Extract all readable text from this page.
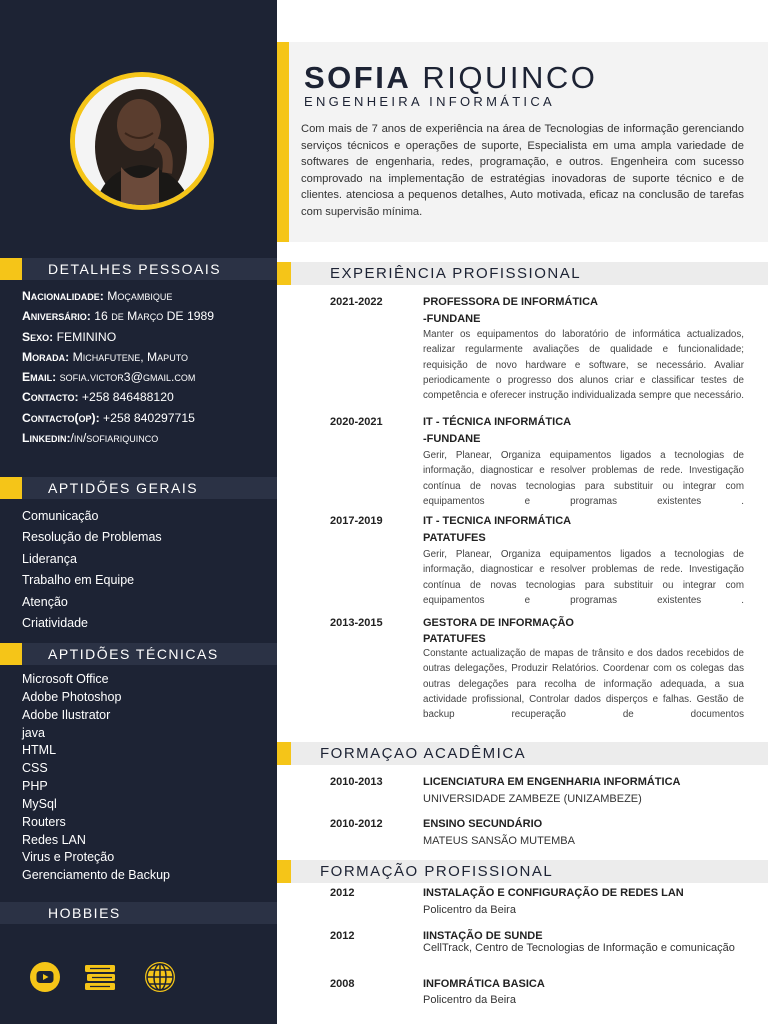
DETALHES PESSOAIS
Nacionalidade: Moçambique
Aniversário: 16 de Março DE 1989
Sexo: FEMININO
Morada: Michafutene, Maputo
Email: sofia.victor3@gmail.com
Contacto: +258 846488120
Contacto(op): +258 840297715
Linkedin:/in/sofiariquinco
APTIDÕES GERAIS
Comunicação
Resolução de Problemas
Liderança
Trabalho em Equipe
Atenção
Criatividade
APTIDÕES TÉCNICAS
Microsoft Office
Adobe Photoshop
Adobe Ilustrator
java
HTML
CSS
PHP
MySql
Routers
Redes LAN
Virus e Proteção
Gerenciamento de Backup
HOBBIES
SOFIA RIQUINCO
ENGENHEIRA INFORMÁTICA
Com mais de 7 anos de experiência na área de Tecnologias de informação gerenciando serviços técnicos e operações de suporte, Especialista em uma ampla variedade de softwares de engenharia, redes, programação, e outros. Engenheira com sucesso comprovado na implementação de estratégias inovadoras de suporte técnico e de clientes. atenciosa a pequenos detalhes, Auto motivada, eficaz na conclusão de tarefas com supervisão mínima.
EXPERIÊNCIA PROFISSIONAL
2021-2022	PROFESSORA DE INFORMÁTICA
-FUNDANE
Manter os equipamentos do laboratório de informática actualizados, realizar regularmente avaliações de qualidade e funcionalidade; requisição de novo hardware e software, se necessário. Avaliar periodicamente o progresso dos alunos criar e classificar testes de competência e oferecer instrução individualizada sempre que necessário.
2020-2021	IT - TÉCNICA INFORMÁTICA
-FUNDANE
Gerir, Planear, Organiza equipamentos ligados a tecnologias de informação, diagnosticar e resolver problemas de rede. Investigação contínua de novas tecnologias para substituir ou integrar com equipamentos e programas existentes .
2017-2019	IT - TECNICA INFORMÁTICA
PATATUFES
Gerir, Planear, Organiza equipamentos ligados a tecnologias de informação, diagnosticar e resolver problemas de rede. Investigação contínua de novas tecnologias para substituir ou integrar com equipamentos e programas existentes .
2013-2015	GESTORA DE INFORMAÇÃO
PATATUFES
Constante actualização de mapas de trânsito e dos dados recebidos de outras delegações, Produzir Relatórios. Coordenar com os colegas das outras delegações para recolha de informação adequada, a sua actividade profissional, Controlar dados disperços e falhas. Gestão de backup recuperação de documentos
FORMAÇAO ACADÊMICA
2010-2013	LICENCIATURA EM ENGENHARIA INFORMÁTICA
UNIVERSIDADE ZAMBEZE (UNIZAMBEZE)
2010-2012	ENSINO SECUNDÁRIO
MATEUS SANSÃO MUTEMBA
FORMAÇÃO PROFISSIONAL
2012	INSTALAÇÃO E CONFIGURAÇÃO DE REDES LAN
Policentro da Beira
2012	IINSTAÇÃO DE SUNDE
CellTrack, Centro de Tecnologias de Informação e comunicação
2008	INFOMRÁTICA BASICA
Policentro da Beira
